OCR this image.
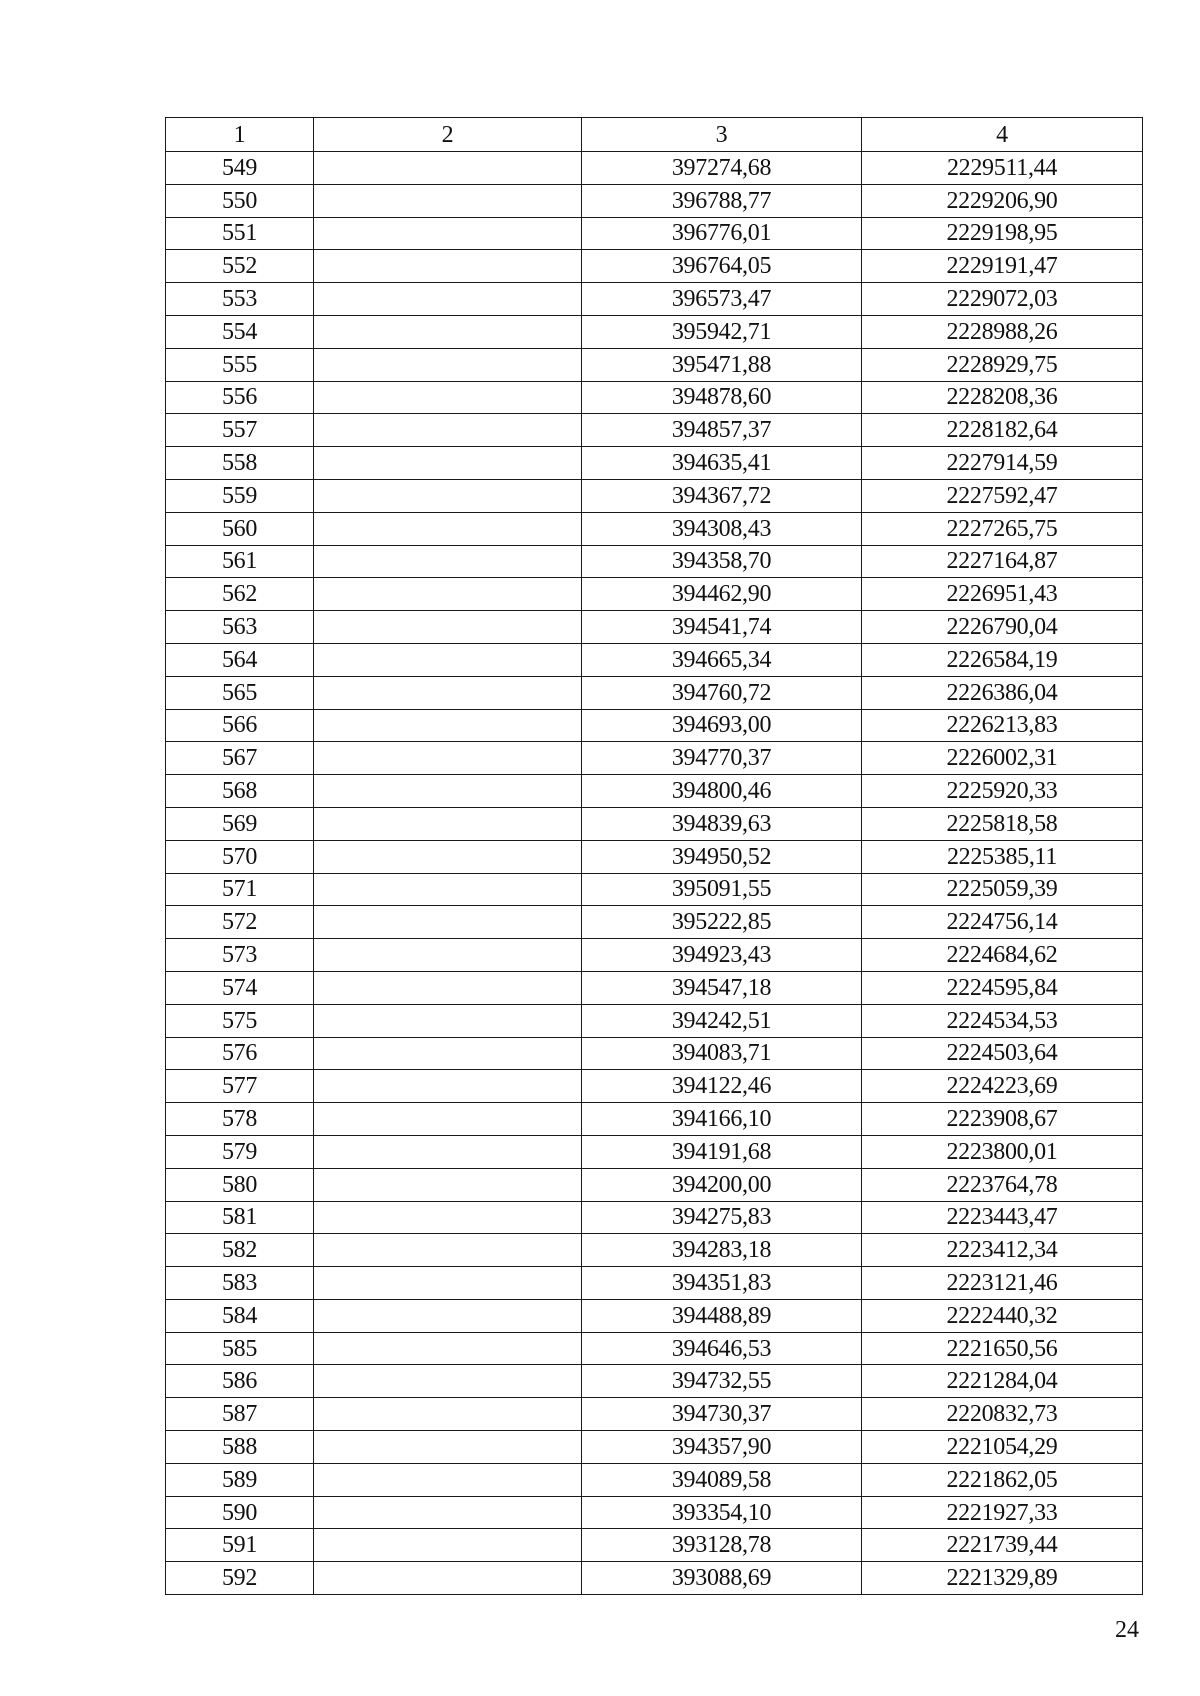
1	2	3	4
549		397274,68	2229511,44
550		396788,77	2229206,90
551		396776,01	2229198,95
552		396764,05	2229191,47
553		396573,47	2229072,03
554		395942,71	2228988,26
555		395471,88	2228929,75
556		394878,60	2228208,36
557		394857,37	2228182,64
558		394635,41	2227914,59
559		394367,72	2227592,47
560		394308,43	2227265,75
561		394358,70	2227164,87
562		394462,90	2226951,43
563		394541,74	2226790,04
564		394665,34	2226584,19
565		394760,72	2226386,04
566		394693,00	2226213,83
567		394770,37	2226002,31
568		394800,46	2225920,33
569		394839,63	2225818,58
570		394950,52	2225385,11
571		395091,55	2225059,39
572		395222,85	2224756,14
573		394923,43	2224684,62
574		394547,18	2224595,84
575		394242,51	2224534,53
576		394083,71	2224503,64
577		394122,46	2224223,69
578		394166,10	2223908,67
579		394191,68	2223800,01
580		394200,00	2223764,78
581		394275,83	2223443,47
582		394283,18	2223412,34
583		394351,83	2223121,46
584		394488,89	2222440,32
585		394646,53	2221650,56
586		394732,55	2221284,04
587		394730,37	2220832,73
588		394357,90	2221054,29
589		394089,58	2221862,05
590		393354,10	2221927,33
591		393128,78	2221739,44
592		393088,69	2221329,89
24
